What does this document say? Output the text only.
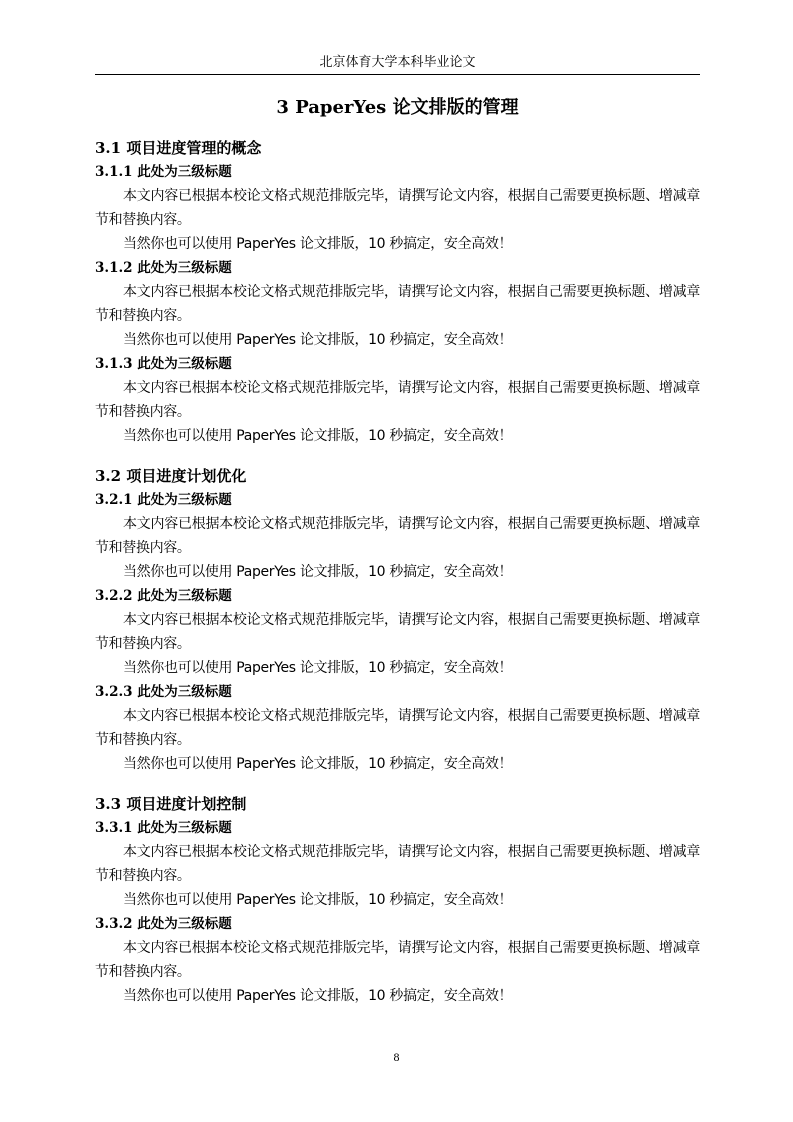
北京体育大学本科毕业论文
3 PaperYes 论文排版的管理
3.1 项目进度管理的概念
3.1.1 此处为三级标题
本文内容已根据本校论文格式规范排版完毕，请撰写论文内容，根据自己需要更换标题、增减章节和替换内容。
当然你也可以使用 PaperYes 论文排版，10 秒搞定，安全高效！
3.1.2 此处为三级标题
本文内容已根据本校论文格式规范排版完毕，请撰写论文内容，根据自己需要更换标题、增减章节和替换内容。
当然你也可以使用 PaperYes 论文排版，10 秒搞定，安全高效！
3.1.3 此处为三级标题
本文内容已根据本校论文格式规范排版完毕，请撰写论文内容，根据自己需要更换标题、增减章节和替换内容。
当然你也可以使用 PaperYes 论文排版，10 秒搞定，安全高效！
3.2 项目进度计划优化
3.2.1 此处为三级标题
本文内容已根据本校论文格式规范排版完毕，请撰写论文内容，根据自己需要更换标题、增减章节和替换内容。
当然你也可以使用 PaperYes 论文排版，10 秒搞定，安全高效！
3.2.2 此处为三级标题
本文内容已根据本校论文格式规范排版完毕，请撰写论文内容，根据自己需要更换标题、增减章节和替换内容。
当然你也可以使用 PaperYes 论文排版，10 秒搞定，安全高效！
3.2.3 此处为三级标题
本文内容已根据本校论文格式规范排版完毕，请撰写论文内容，根据自己需要更换标题、增减章节和替换内容。
当然你也可以使用 PaperYes 论文排版，10 秒搞定，安全高效！
3.3 项目进度计划控制
3.3.1 此处为三级标题
本文内容已根据本校论文格式规范排版完毕，请撰写论文内容，根据自己需要更换标题、增减章节和替换内容。
当然你也可以使用 PaperYes 论文排版，10 秒搞定，安全高效！
3.3.2 此处为三级标题
本文内容已根据本校论文格式规范排版完毕，请撰写论文内容，根据自己需要更换标题、增减章节和替换内容。
当然你也可以使用 PaperYes 论文排版，10 秒搞定，安全高效！
8
